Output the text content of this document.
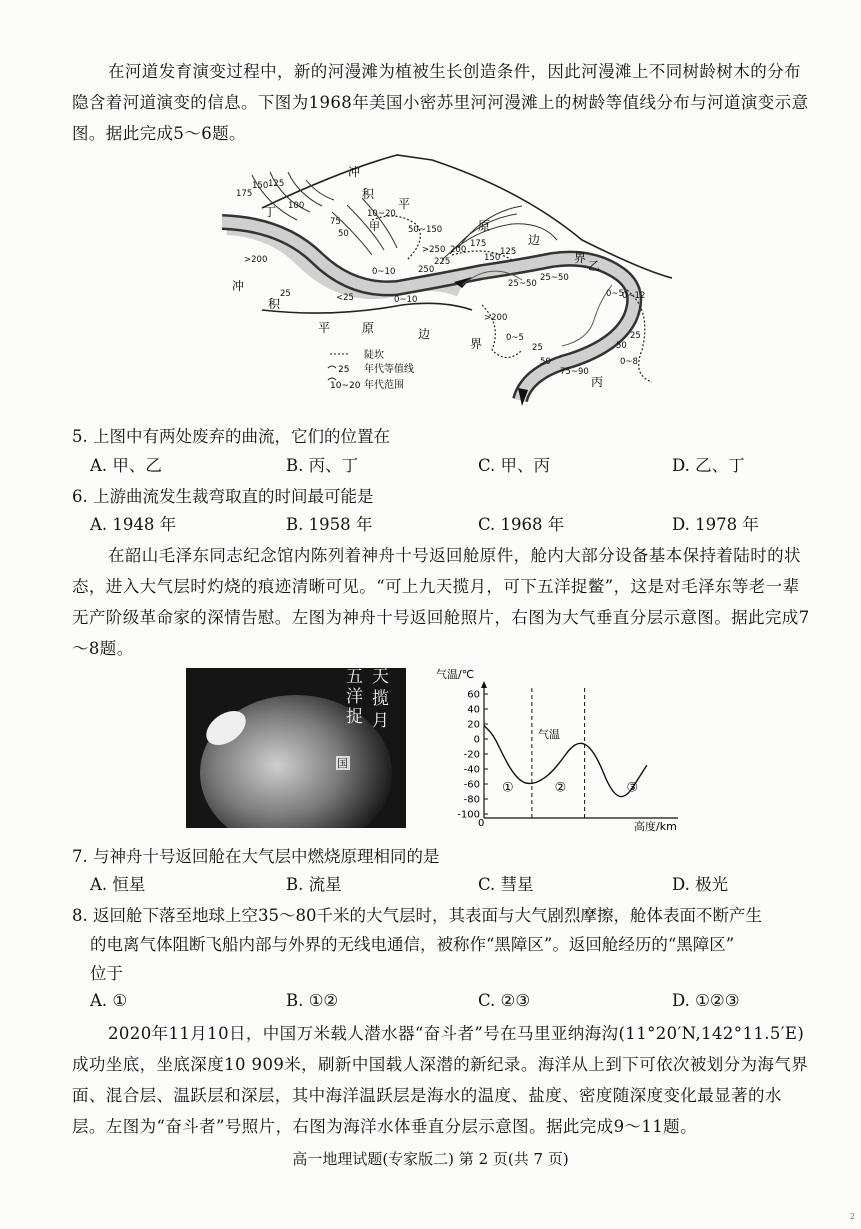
在河道发育演变过程中，新的河漫滩为植被生长创造条件，因此河漫滩上不同树龄树木的分布隐含着河道演变的信息。下图为1968年美国小密苏里河河漫滩上的树龄等值线分布与河道演变示意图。据此完成5～6题。
冲
积
平
原
边
界
冲
积
平	原	边
界
甲
乙
丙
丁
175
150 125
100
75
50
10~20
50~150
>250
250
225
200
175
150
125
0~10
>200
<25	0~10
25~50
25~50
0~5
0~12
>200
0~5
25
50
75~90
50
0~8
25
25
陡坎
25 年代等值线
10~20 年代范围
5. 上图中有两处废弃的曲流，它们的位置在
A. 甲、乙	B. 丙、丁	C. 甲、丙	D. 乙、丁
6. 上游曲流发生裁弯取直的时间最可能是
A. 1948 年	B. 1958 年	C. 1968 年	D. 1978 年
在韶山毛泽东同志纪念馆内陈列着神舟十号返回舱原件，舱内大部分设备基本保持着陆时的状态，进入大气层时灼烧的痕迹清晰可见。“可上九天揽月，可下五洋捉鳖”，这是对毛泽东等老一辈无产阶级革命家的深情告慰。左图为神舟十号返回舱照片，右图为大气垂直分层示意图。据此完成7～8题。
国
五 洋 捉
天 揽 月
气温/℃
高度/km
0
60
40
20
0
-20
-40
-60
-80
-100
①	②	③
气温
7. 与神舟十号返回舱在大气层中燃烧原理相同的是
A. 恒星	B. 流星	C. 彗星	D. 极光
8. 返回舱下落至地球上空35～80千米的大气层时，其表面与大气剧烈摩擦，舱体表面不断产生
的电离气体阻断飞船内部与外界的无线电通信，被称作“黑障区”。返回舱经历的“黑障区”
位于
A. ①	B. ①②	C. ②③	D. ①②③
2020年11月10日，中国万米载人潜水器“奋斗者”号在马里亚纳海沟(11°20′N,142°11.5′E)成功坐底，坐底深度10 909米，刷新中国载人深潜的新纪录。海洋从上到下可依次被划分为海气界面、混合层、温跃层和深层，其中海洋温跃层是海水的温度、盐度、密度随深度变化最显著的水层。左图为“奋斗者”号照片，右图为海洋水体垂直分层示意图。据此完成9～11题。
高一地理试题(专家版二) 第 2 页(共 7 页)
2
